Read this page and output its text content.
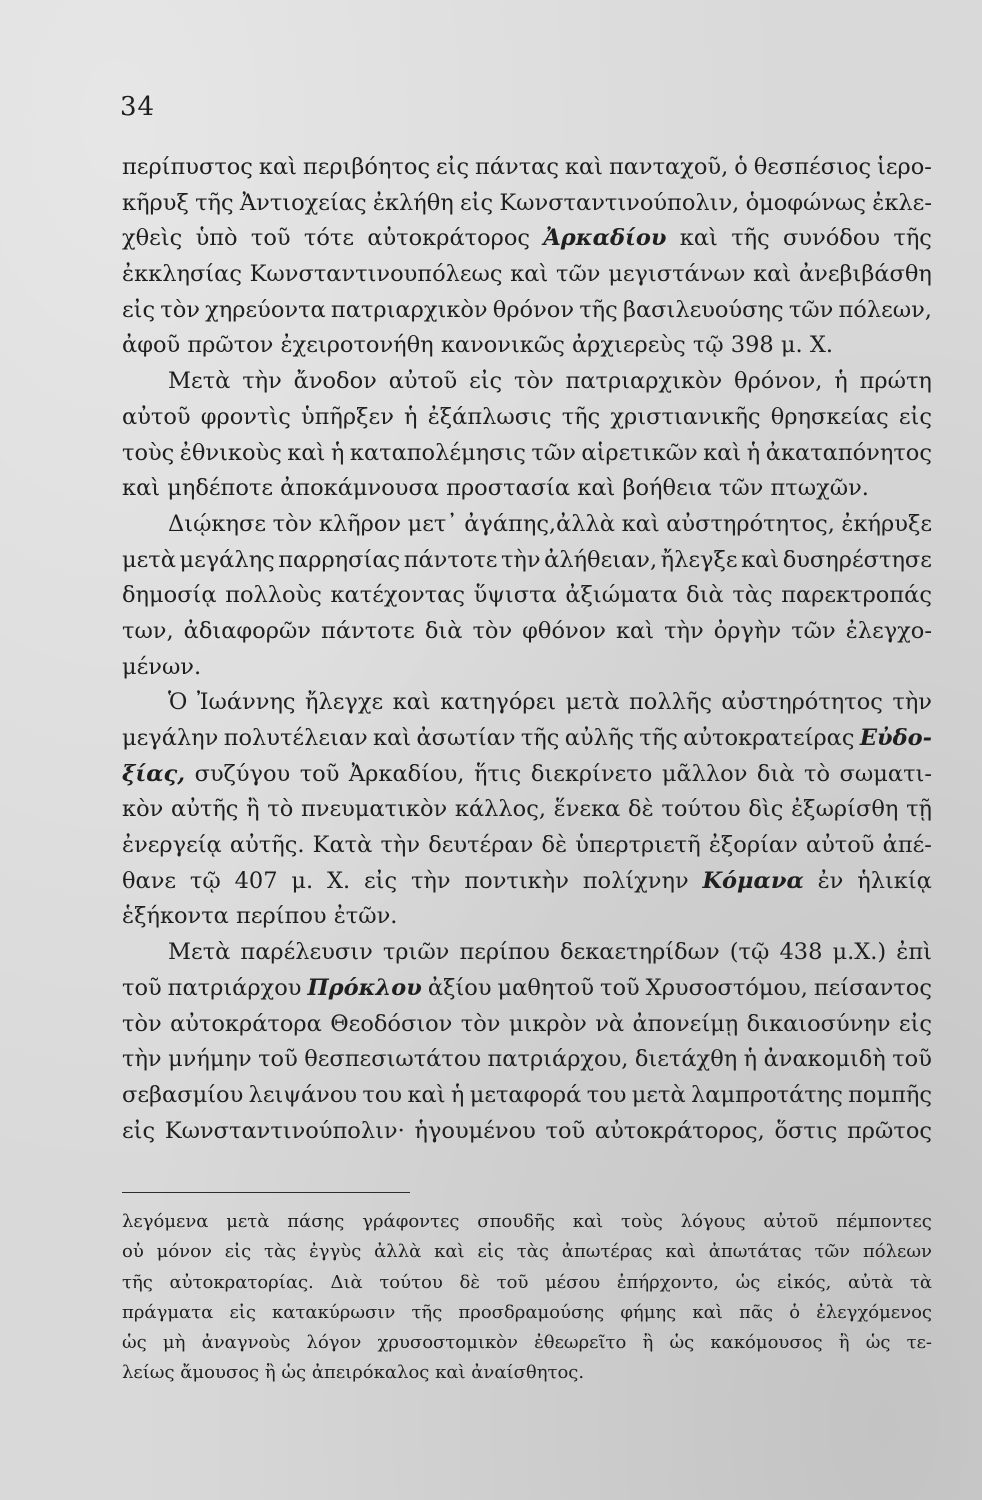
34
περίπυστος καὶ περιβόητος εἰς πάντας καὶ πανταχοῦ, ὁ θεσπέσιος ἱερο-
κῆρυξ τῆς Ἀντιοχείας ἐκλήθη εἰς Κωνσταντινούπολιν, ὁμοφώνως ἐκλε-
χθεὶς ὑπὸ τοῦ τότε αὐτοκράτορος Ἀρκαδίου καὶ τῆς συνόδου τῆς
ἐκκλησίας Κωνσταντινουπόλεως καὶ τῶν μεγιστάνων καὶ ἀνεβιβάσθη
εἰς τὸν χηρεύοντα πατριαρχικὸν θρόνον τῆς βασιλευούσης τῶν πόλεων,
ἀφοῦ πρῶτον ἐχειροτονήθη κανονικῶς ἀρχιερεὺς τῷ 398 μ. Χ.
Μετὰ τὴν ἄνοδον αὐτοῦ εἰς τὸν πατριαρχικὸν θρόνον, ἡ πρώτη
αὐτοῦ φροντὶς ὑπῆρξεν ἡ ἐξάπλωσις τῆς χριστιανικῆς θρησκείας εἰς
τοὺς ἐθνικοὺς καὶ ἡ καταπολέμησις τῶν αἱρετικῶν καὶ ἡ ἀκαταπόνητος
καὶ μηδέποτε ἀποκάμνουσα προστασία καὶ βοήθεια τῶν πτωχῶν.
Διῴκησε τὸν κλῆρον μετ᾽ ἀγάπης,ἀλλὰ καὶ αὐστηρότητος, ἐκήρυξε
μετὰ μεγάλης παρρησίας πάντοτε τὴν ἀλήθειαν, ἤλεγξε καὶ δυσηρέστησε
δημοσίᾳ πολλοὺς κατέχοντας ὕψιστα ἀξιώματα διὰ τὰς παρεκτροπάς
των, ἀδιαφορῶν πάντοτε διὰ τὸν φθόνον καὶ τὴν ὀργὴν τῶν ἐλεγχο-
μένων.
Ὁ Ἰωάννης ἤλεγχε καὶ κατηγόρει μετὰ πολλῆς αὐστηρότητος τὴν
μεγάλην πολυτέλειαν καὶ ἀσωτίαν τῆς αὐλῆς τῆς αὐτοκρατείρας Εὐδο-
ξίας, συζύγου τοῦ Ἀρκαδίου, ἥτις διεκρίνετο μᾶλλον διὰ τὸ σωματι-
κὸν αὐτῆς ἢ τὸ πνευματικὸν κάλλος, ἕνεκα δὲ τούτου δὶς ἐξωρίσθη τῇ
ἐνεργείᾳ αὐτῆς. Κατὰ τὴν δευτέραν δὲ ὑπερτριετῆ ἐξορίαν αὐτοῦ ἀπέ-
θανε τῷ 407 μ. Χ. εἰς τὴν ποντικὴν πολίχνην Κόμανα ἐν ἡλικίᾳ
ἑξήκοντα περίπου ἐτῶν.
Μετὰ παρέλευσιν τριῶν περίπου δεκαετηρίδων (τῷ 438 μ.Χ.) ἐπὶ
τοῦ πατριάρχου Πρόκλου ἀξίου μαθητοῦ τοῦ Χρυσοστόμου, πείσαντος
τὸν αὐτοκράτορα Θεοδόσιον τὸν μικρὸν νὰ ἀπονείμῃ δικαιοσύνην εἰς
τὴν μνήμην τοῦ θεσπεσιωτάτου πατριάρχου, διετάχθη ἡ ἀνακομιδὴ τοῦ
σεβασμίου λειψάνου του καὶ ἡ μεταφορά του μετὰ λαμπροτάτης πομπῆς
εἰς Κωνσταντινούπολιν· ἡγουμένου τοῦ αὐτοκράτορος, ὅστις πρῶτος
λεγόμενα μετὰ πάσης γράφοντες σπουδῆς καὶ τοὺς λόγους αὐτοῦ πέμποντες
οὐ μόνον εἰς τὰς ἐγγὺς ἀλλὰ καὶ εἰς τὰς ἀπωτέρας καὶ ἀπωτάτας τῶν πόλεων
τῆς αὐτοκρατορίας. Διὰ τούτου δὲ τοῦ μέσου ἐπήρχοντο, ὡς εἰκός, αὐτὰ τὰ
πράγματα εἰς κατακύρωσιν τῆς προσδραμούσης φήμης καὶ πᾶς ὁ ἐλεγχόμενος
ὡς μὴ ἀναγνοὺς λόγον χρυσοστομικὸν ἐθεωρεῖτο ἢ ὡς κακόμουσος ἢ ὡς τε-
λείως ἄμουσος ἢ ὡς ἀπειρόκαλος καὶ ἀναίσθητος.
